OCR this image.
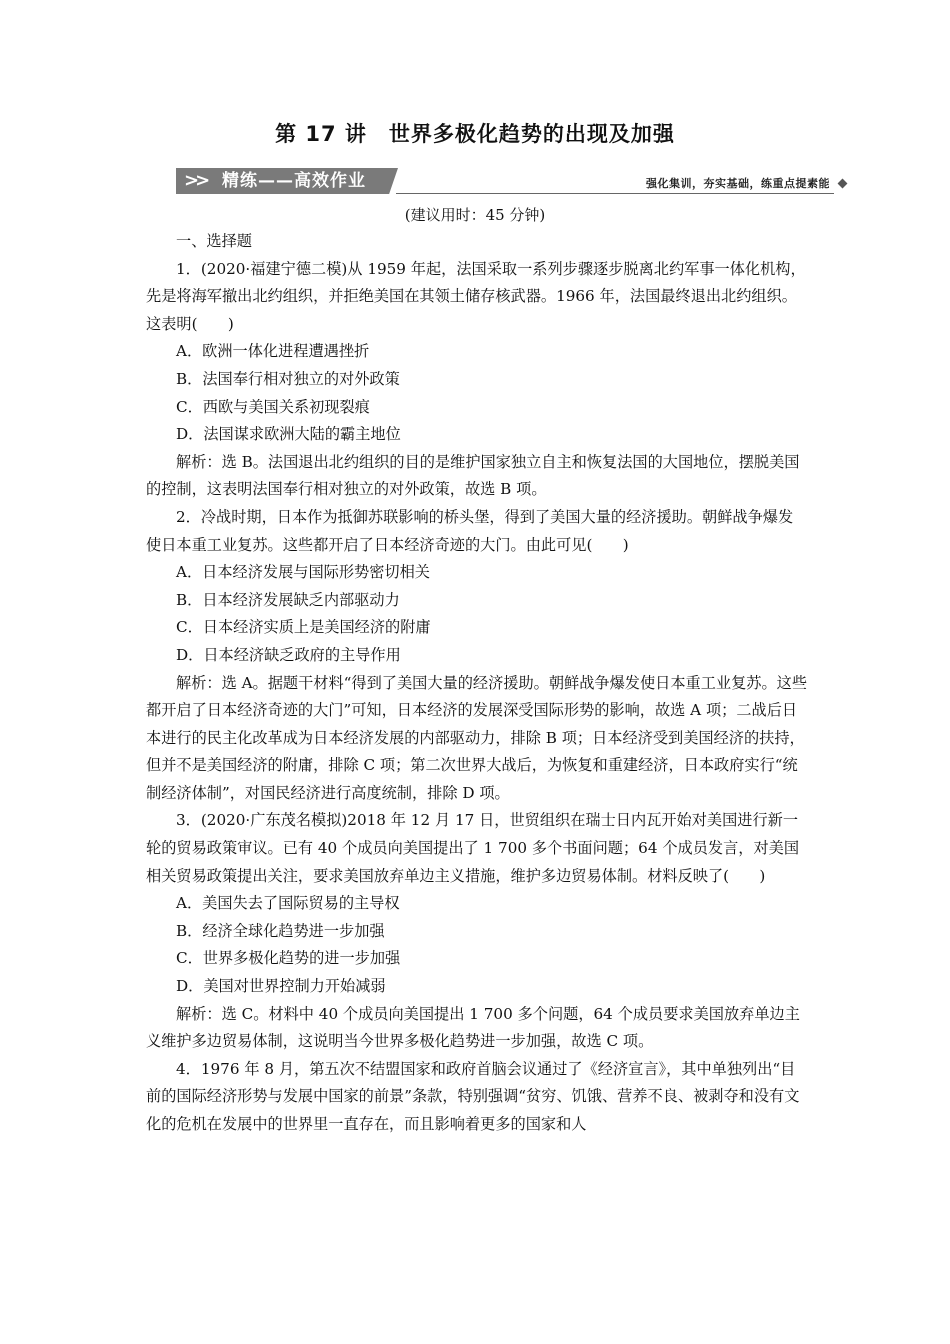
第 17 讲　世界多极化趋势的出现及加强
>> 精练——高效作业	强化集训，夯实基础，练重点提素能
(建议用时：45 分钟)

一、选择题

1．(2020·福建宁德二模)从 1959 年起，法国采取一系列步骤逐步脱离北约军事一体化机构，先是将海军撤出北约组织，并拒绝美国在其领土储存核武器。1966 年，法国最终退出北约组织。这表明(　　)

A．欧洲一体化进程遭遇挫折

B．法国奉行相对独立的对外政策

C．西欧与美国关系初现裂痕

D．法国谋求欧洲大陆的霸主地位

解析：选 B。法国退出北约组织的目的是维护国家独立自主和恢复法国的大国地位，摆脱美国的控制，这表明法国奉行相对独立的对外政策，故选 B 项。

2．冷战时期，日本作为抵御苏联影响的桥头堡，得到了美国大量的经济援助。朝鲜战争爆发使日本重工业复苏。这些都开启了日本经济奇迹的大门。由此可见(　　)

A．日本经济发展与国际形势密切相关

B．日本经济发展缺乏内部驱动力

C．日本经济实质上是美国经济的附庸

D．日本经济缺乏政府的主导作用

解析：选 A。据题干材料“得到了美国大量的经济援助。朝鲜战争爆发使日本重工业复苏。这些都开启了日本经济奇迹的大门”可知，日本经济的发展深受国际形势的影响，故选 A 项；二战后日本进行的民主化改革成为日本经济发展的内部驱动力，排除 B 项；日本经济受到美国经济的扶持，但并不是美国经济的附庸，排除 C 项；第二次世界大战后，为恢复和重建经济，日本政府实行“统制经济体制”，对国民经济进行高度统制，排除 D 项。

3．(2020·广东茂名模拟)2018 年 12 月 17 日，世贸组织在瑞士日内瓦开始对美国进行新一轮的贸易政策审议。已有 40 个成员向美国提出了 1 700 多个书面问题；64 个成员发言，对美国相关贸易政策提出关注，要求美国放弃单边主义措施，维护多边贸易体制。材料反映了(　　)

A．美国失去了国际贸易的主导权

B．经济全球化趋势进一步加强

C．世界多极化趋势的进一步加强

D．美国对世界控制力开始减弱

解析：选 C。材料中 40 个成员向美国提出 1 700 多个问题，64 个成员要求美国放弃单边主义维护多边贸易体制，这说明当今世界多极化趋势进一步加强，故选 C 项。

4．1976 年 8 月，第五次不结盟国家和政府首脑会议通过了《经济宣言》，其中单独列出“目前的国际经济形势与发展中国家的前景”条款，特别强调“贫穷、饥饿、营养不良、被剥夺和没有文化的危机在发展中的世界里一直存在，而且影响着更多的国家和人
